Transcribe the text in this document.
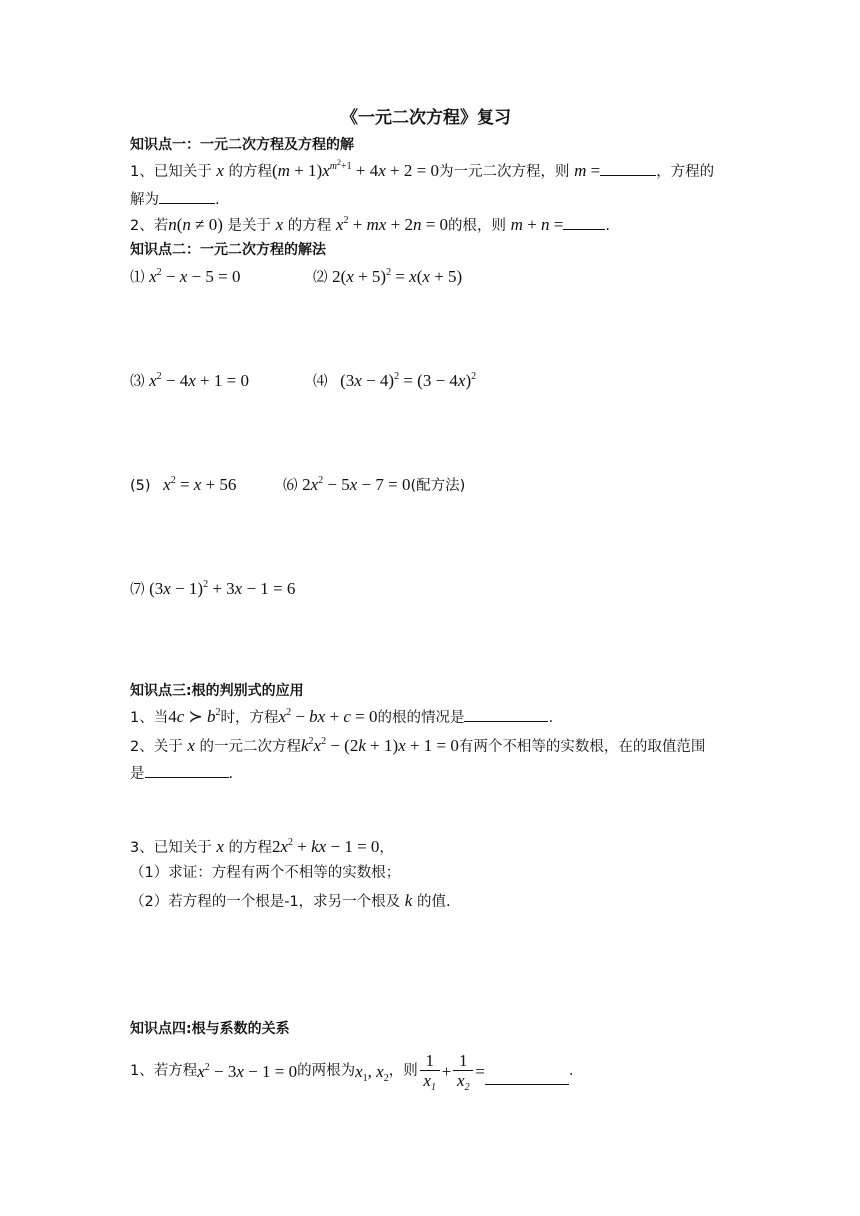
《一元二次方程》复习
知识点一：一元二次方程及方程的解
1、已知关于 x 的方程$(m + 1)x^{m^2+1} + 4x + 2 = 0$为一元二次方程，则 m =	，方程的
解为	.
2、若n(n ≠ 0) 是关于 x 的方程 $x^2$ + mx + 2n = 0的根，则 m + n =	.
知识点二：一元二次方程的解法
⑴ $x^2 - x - 5 = 0$	⑵ $2(x + 5)^2 = x(x + 5)$
⑶ $x^2 - 4x + 1 = 0$	⑷ $(3x - 4)^2 = (3 - 4x)^2$
(5) $x^2 = x + 56$	⑹ $2x^2 - 5x - 7 = 0$(配方法)
⑺ $(3x - 1)^2 + 3x - 1 = 6$
知识点三:根的判别式的应用
1、当4c ≻ $b^2$时，方程$x^2$ − bx + c = 0的根的情况是	.
2、关于 x 的一元二次方程$k^2x^2 - (2k + 1)x + 1 = 0$有两个不相等的实数根，在的取值范围
是	.
3、已知关于 x 的方程$2x^2$ + kx − 1 = 0，
（1）求证：方程有两个不相等的实数根；
（2）若方程的一个根是-1，求另一个根及 k 的值.
知识点四:根与系数的关系
1、若方程 $x^2 - 3x - 1 = 0$ 的两根为 $x_1$, $x_2$ ，则 $\frac{1}{x_1} + \frac{1}{x_2}$ =	.
